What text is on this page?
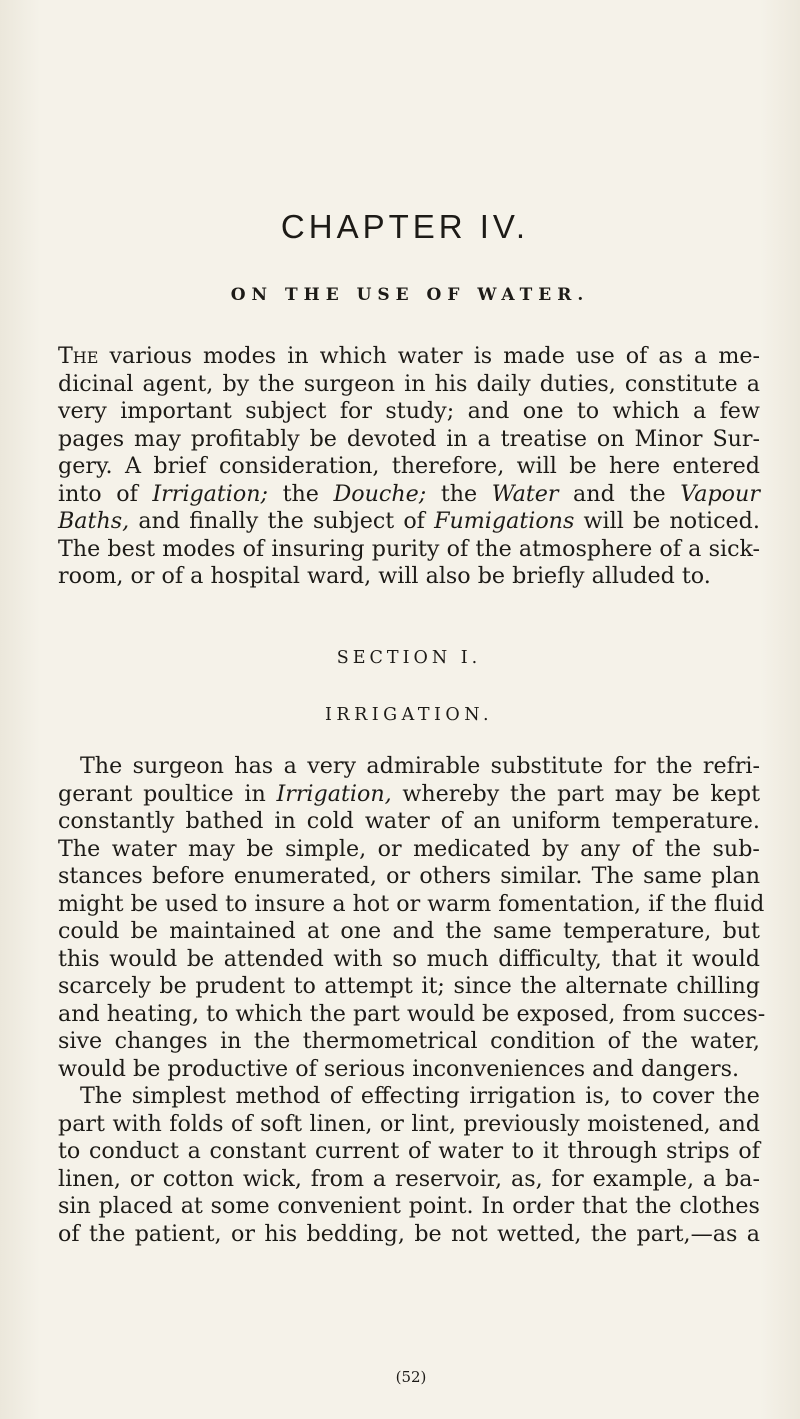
CHAPTER IV.
ON THE USE OF WATER.
The various modes in which water is made use of as a me-
dicinal agent, by the surgeon in his daily duties, constitute a
very important subject for study; and one to which a few
pages may profitably be devoted in a treatise on Minor Sur-
gery. A brief consideration, therefore, will be here entered
into of Irrigation; the Douche; the Water and the Vapour
Baths, and finally the subject of Fumigations will be noticed.
The best modes of insuring purity of the atmosphere of a sick-
room, or of a hospital ward, will also be briefly alluded to.
SECTION I.
IRRIGATION.
The surgeon has a very admirable substitute for the refri-
gerant poultice in Irrigation, whereby the part may be kept
constantly bathed in cold water of an uniform temperature.
The water may be simple, or medicated by any of the sub-
stances before enumerated, or others similar. The same plan
might be used to insure a hot or warm fomentation, if the fluid
could be maintained at one and the same temperature, but
this would be attended with so much difficulty, that it would
scarcely be prudent to attempt it; since the alternate chilling
and heating, to which the part would be exposed, from succes-
sive changes in the thermometrical condition of the water,
would be productive of serious inconveniences and dangers.
The simplest method of effecting irrigation is, to cover the
part with folds of soft linen, or lint, previously moistened, and
to conduct a constant current of water to it through strips of
linen, or cotton wick, from a reservoir, as, for example, a ba-
sin placed at some convenient point. In order that the clothes
of the patient, or his bedding, be not wetted, the part,—as a
(52)
